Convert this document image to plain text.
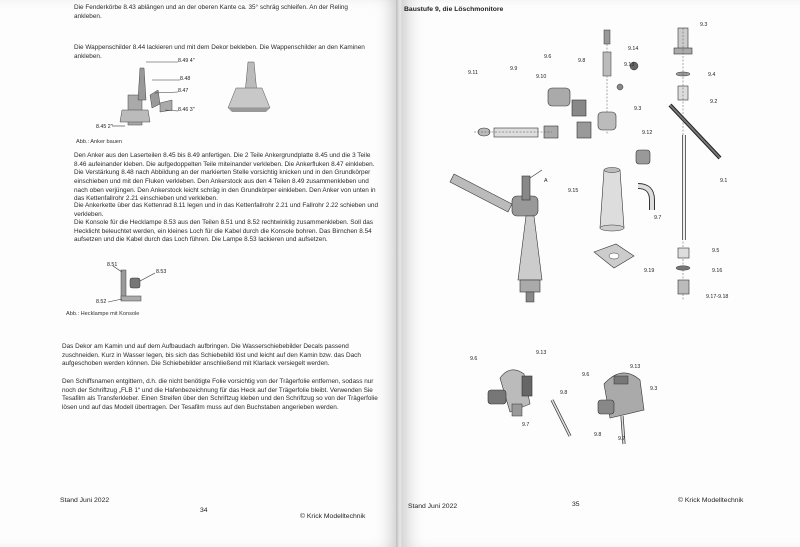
Die Fenderkörbe 8.43 ablängen und an der oberen Kante ca. 35° schräg schleifen. An der Reling ankleben.
Die Wappenschilder 8.44 lackieren und mit dem Dekor bekleben. Die Wappenschilder an den Kaminen ankleben.
8.49 4"
8.48
8.47
8.46 3"
8.45 2"
Abb.: Anker bauen
Den Anker aus den Laserteilen 8.45 bis 8.49 anfertigen. Die 2 Teile Ankergrundplatte 8.45 und die 3 Teile 8.46 aufeinander kleben. Die aufgedoppelten Teile miteinander verkleben. Die Ankerfluken 8.47 einkleben. Die Verstärkung 8.48 nach Abbildung an der markierten Stelle vorsichtig knicken und in den Grundkörper einschieben und mit den Fluken verkleben. Den Ankerstock aus den 4 Teilen 8.49 zusammenkleben und nach oben verjüngen. Den Ankerstock leicht schräg in den Grundkörper einkleben. Den Anker von unten in das Kettenfallrohr 2.21 einschieben und verkleben.
Die Ankerkette über das Kettenrad 8.11 legen und in das Kettenfallrohr 2.21 und Fallrohr 2.22 schieben und verkleben.
Die Konsole für die Hecklampe 8.53 aus den Teilen 8.51 und 8.52 rechtwinklig zusammenkleben. Soll das Hecklicht beleuchtet werden, ein kleines Loch für die Kabel durch die Konsole bohren. Das Birnchen 8.54 aufsetzen und die Kabel durch das Loch führen. Die Lampe 8.53 lackieren und aufsetzen.
8.51
8.53
8.52
Abb.: Hecklampe mit Konsole
Das Dekor am Kamin und auf dem Aufbaudach aufbringen. Die Wasserschiebebilder Decals passend zuschneiden. Kurz in Wasser legen, bis sich das Schiebebild löst und leicht auf den Kamin bzw. das Dach aufgeschoben werden können. Die Schiebebilder anschließend mit Klarlack versiegelt werden.
Den Schiffsnamen entgittern, d.h. die nicht benötigte Folie vorsichtig von der Trägerfolie entfernen, sodass nur noch der Schriftzug „FLB 1“ und die Hafenbezeichnung für das Heck auf der Trägerfolie bleibt. Verwenden Sie Tesafilm als Transferkleber. Einen Streifen über den Schriftzug kleben und den Schriftzug so von der Trägerfolie lösen und auf das Modell übertragen. Der Tesafilm muss auf den Buchstaben angerieben werden.
Stand Juni 2022
34
© Krick Modelltechnik
Baustufe 9, die Löschmonitore
9.3
9.14
9.13
9.4
9.2
9.11
9.9
9.10
9.6
9.8
9.3
9.12
9.1
A
9.15
9.7
9.5
9.16
9.19
9.17-9.18
9.6
9.13
9.8
9.7
9.13
9.6
9.3
9.8
9.7
Stand Juni 2022	35
© Krick Modelltechnik
